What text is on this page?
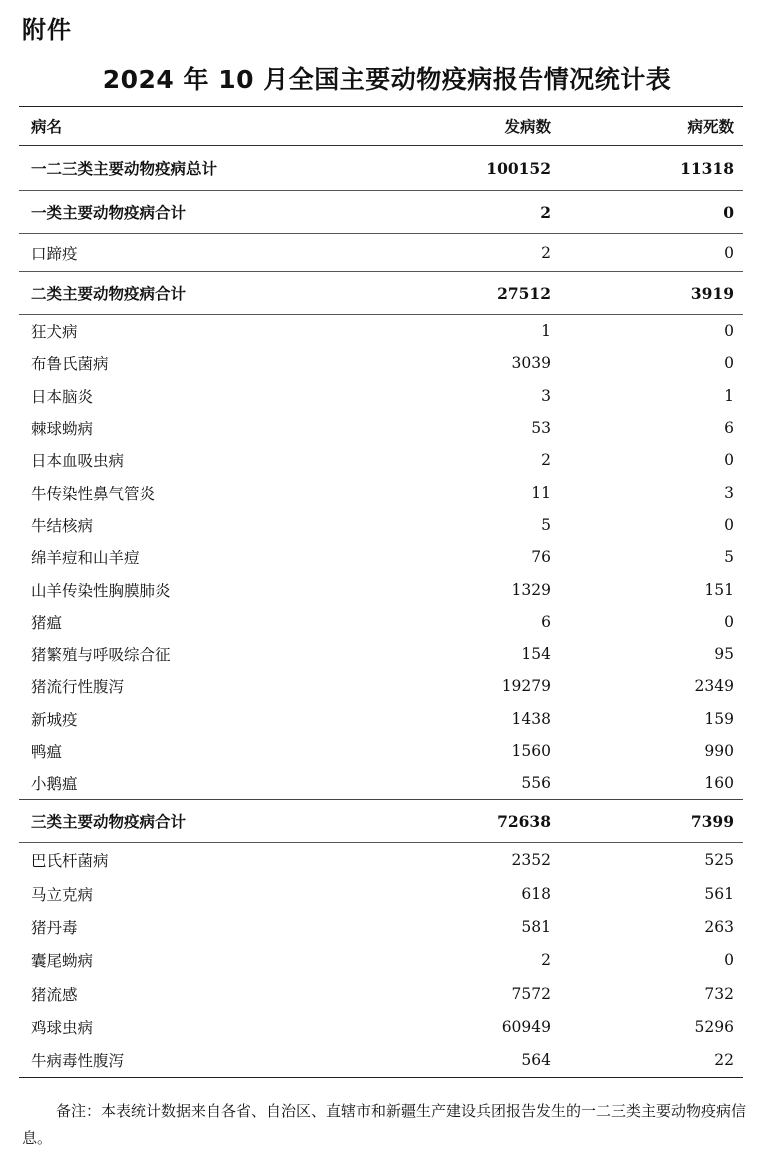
附件
2024 年 10 月全国主要动物疫病报告情况统计表
病名	发病数	病死数
一二三类主要动物疫病总计	100152	11318
一类主要动物疫病合计	2	0
口蹄疫	2	0
二类主要动物疫病合计	27512	3919
狂犬病	1	0
布鲁氏菌病	3039	0
日本脑炎	3	1
棘球蚴病	53	6
日本血吸虫病	2	0
牛传染性鼻气管炎	11	3
牛结核病	5	0
绵羊痘和山羊痘	76	5
山羊传染性胸膜肺炎	1329	151
猪瘟	6	0
猪繁殖与呼吸综合征	154	95
猪流行性腹泻	19279	2349
新城疫	1438	159
鸭瘟	1560	990
小鹅瘟	556	160
三类主要动物疫病合计	72638	7399
巴氏杆菌病	2352	525
马立克病	618	561
猪丹毒	581	263
囊尾蚴病	2	0
猪流感	7572	732
鸡球虫病	60949	5296
牛病毒性腹泻	564	22
备注：本表统计数据来自各省、自治区、直辖市和新疆生产建设兵团报告发生的一二三类主要动物疫病信息。
